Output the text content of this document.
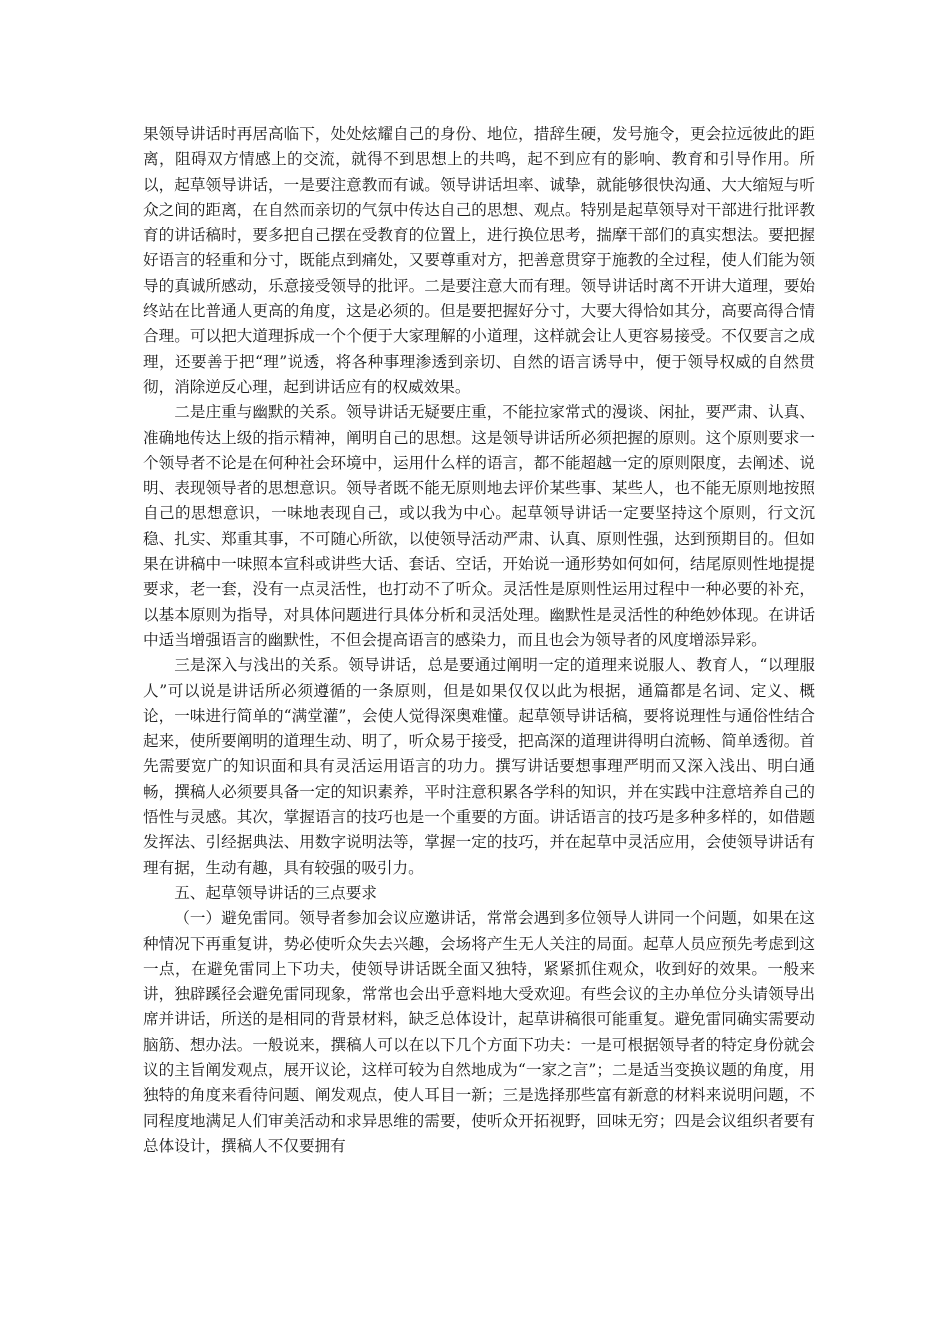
果领导讲话时再居高临下，处处炫耀自己的身份、地位，措辞生硬，发号施令，更会拉远彼此的距离，阻碍双方情感上的交流，就得不到思想上的共鸣，起不到应有的影响、教育和引导作用。所以，起草领导讲话，一是要注意教而有诚。领导讲话坦率、诚挚，就能够很快沟通、大大缩短与听众之间的距离，在自然而亲切的气氛中传达自己的思想、观点。特别是起草领导对干部进行批评教育的讲话稿时，要多把自己摆在受教育的位置上，进行换位思考，揣摩干部们的真实想法。要把握好语言的轻重和分寸，既能点到痛处，又要尊重对方，把善意贯穿于施教的全过程，使人们能为领导的真诚所感动，乐意接受领导的批评。二是要注意大而有理。领导讲话时离不开讲大道理，要始终站在比普通人更高的角度，这是必须的。但是要把握好分寸，大要大得恰如其分，高要高得合情合理。可以把大道理拆成一个个便于大家理解的小道理，这样就会让人更容易接受。不仅要言之成理，还要善于把“理”说透，将各种事理渗透到亲切、自然的语言诱导中，便于领导权威的自然贯彻，消除逆反心理，起到讲话应有的权威效果。

二是庄重与幽默的关系。领导讲话无疑要庄重，不能拉家常式的漫谈、闲扯，要严肃、认真、准确地传达上级的指示精神，阐明自己的思想。这是领导讲话所必须把握的原则。这个原则要求一个领导者不论是在何种社会环境中，运用什么样的语言，都不能超越一定的原则限度，去阐述、说明、表现领导者的思想意识。领导者既不能无原则地去评价某些事、某些人，也不能无原则地按照自己的思想意识，一味地表现自己，或以我为中心。起草领导讲话一定要坚持这个原则，行文沉稳、扎实、郑重其事，不可随心所欲，以使领导活动严肃、认真、原则性强，达到预期目的。但如果在讲稿中一味照本宣科或讲些大话、套话、空话，开始说一通形势如何如何，结尾原则性地提提要求，老一套，没有一点灵活性，也打动不了听众。灵活性是原则性运用过程中一种必要的补充，以基本原则为指导，对具体问题进行具体分析和灵活处理。幽默性是灵活性的种绝妙体现。在讲话中适当增强语言的幽默性，不但会提高语言的感染力，而且也会为领导者的风度增添异彩。

三是深入与浅出的关系。领导讲话，总是要通过阐明一定的道理来说服人、教育人，“以理服人”可以说是讲话所必须遵循的一条原则，但是如果仅仅以此为根据，通篇都是名词、定义、概论，一味进行简单的“满堂灌”，会使人觉得深奥难懂。起草领导讲话稿，要将说理性与通俗性结合起来，使所要阐明的道理生动、明了，听众易于接受，把高深的道理讲得明白流畅、简单透彻。首先需要宽广的知识面和具有灵活运用语言的功力。撰写讲话要想事理严明而又深入浅出、明白通畅，撰稿人必须要具备一定的知识素养，平时注意积累各学科的知识，并在实践中注意培养自己的悟性与灵感。其次，掌握语言的技巧也是一个重要的方面。讲话语言的技巧是多种多样的，如借题发挥法、引经据典法、用数字说明法等，掌握一定的技巧，并在起草中灵活应用，会使领导讲话有理有据，生动有趣，具有较强的吸引力。

五、起草领导讲话的三点要求

（一）避免雷同。领导者参加会议应邀讲话，常常会遇到多位领导人讲同一个问题，如果在这种情况下再重复讲，势必使听众失去兴趣，会场将产生无人关注的局面。起草人员应预先考虑到这一点，在避免雷同上下功夫，使领导讲话既全面又独特，紧紧抓住观众，收到好的效果。一般来讲，独辟蹊径会避免雷同现象，常常也会出乎意料地大受欢迎。有些会议的主办单位分头请领导出席并讲话，所送的是相同的背景材料，缺乏总体设计，起草讲稿很可能重复。避免雷同确实需要动脑筋、想办法。一般说来，撰稿人可以在以下几个方面下功夫：一是可根据领导者的特定身份就会议的主旨阐发观点，展开议论，这样可较为自然地成为“一家之言”；二是适当变换议题的角度，用独特的角度来看待问题、阐发观点，使人耳目一新；三是选择那些富有新意的材料来说明问题，不同程度地满足人们审美活动和求异思维的需要，使听众开拓视野，回味无穷；四是会议组织者要有总体设计，撰稿人不仅要拥有
